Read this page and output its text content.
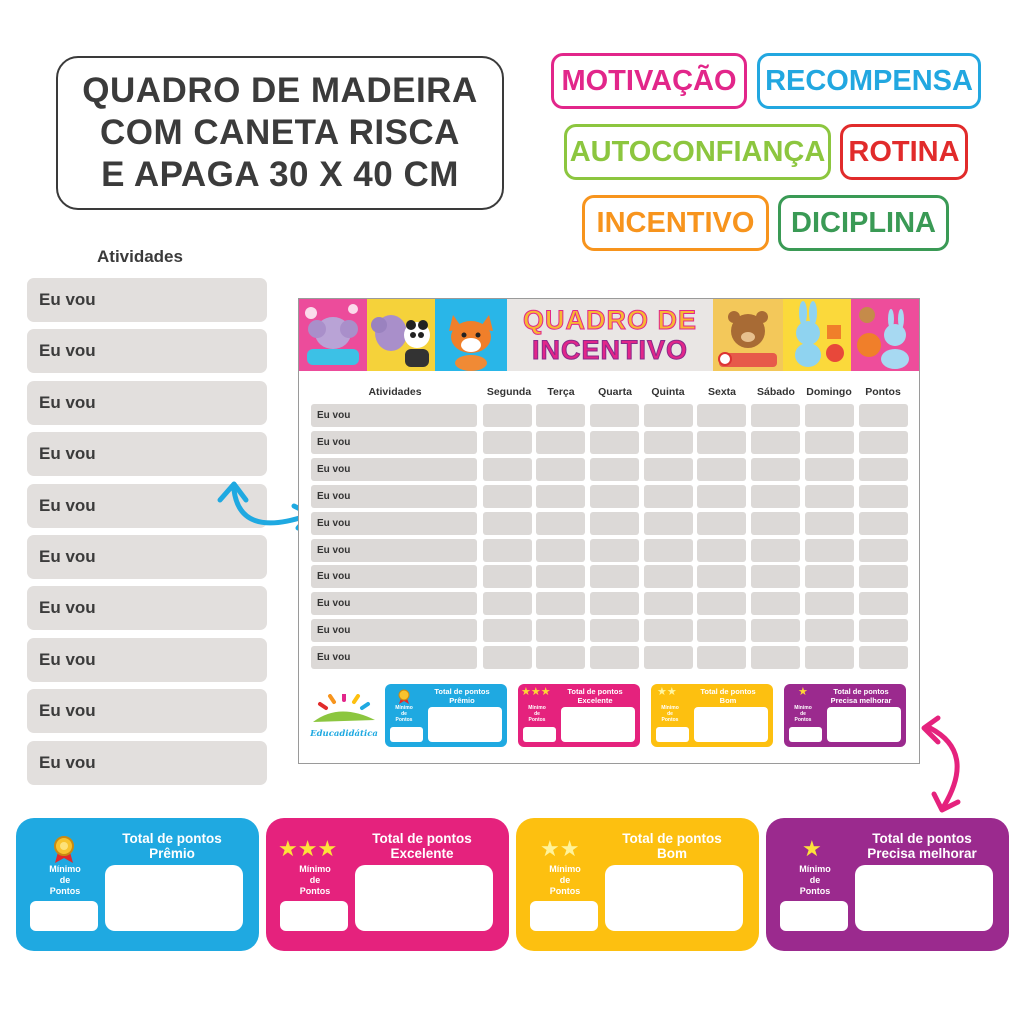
QUADRO DE MADEIRA
COM CANETA RISCA
E APAGA 30 X 40 CM
MOTIVAÇÃO RECOMPENSA
AUTOCONFIANÇA ROTINA
INCENTIVO	DICIPLINA
Atividades
Eu vou
Eu vou
Eu vou
Eu vou
Eu vou
Eu vou
Eu vou
Eu vou
Eu vou
Eu vou
QUADRO DE
INCENTIVO
Atividades	Segunda	Terça	Quarta	Quinta	Sexta	Sábado	Domingo	Pontos
Eu vou
Eu vou
Eu vou
Eu vou
Eu vou
Eu vou
Eu vou
Eu vou
Eu vou
Eu vou
Educadidática
Total de pontos
Prêmio
Mínimo
de
Pontos
★★★	Total de pontos
Excelente
Mínimo
de
Pontos
★★	Total de pontos
Bom
Mínimo
de
Pontos
★	Total de pontos
Precisa melhorar
Mínimo
de
Pontos
Total de pontos
Prêmio
Mínimo
de
Pontos
★★★	Total de pontos
Excelente
Mínimo
de
Pontos
★★	Total de pontos
Bom
Mínimo
de
Pontos
★	Total de pontos
Precisa melhorar
Mínimo
de
Pontos
